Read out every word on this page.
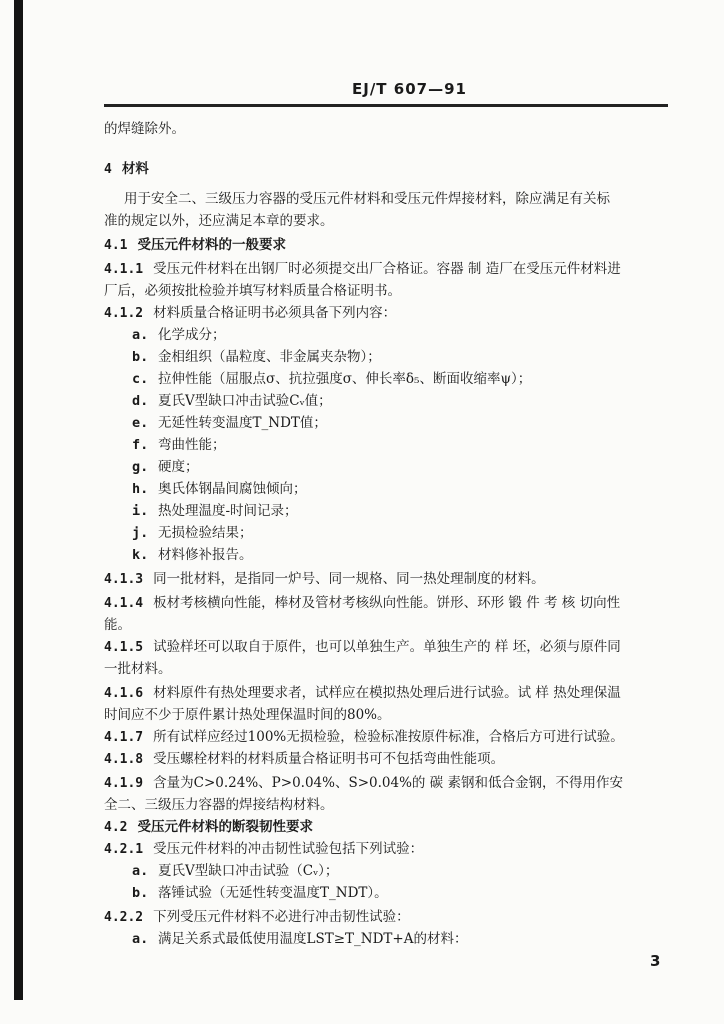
EJ/T 607—91
的焊缝除外。
4 材料
用于安全二、三级压力容器的受压元件材料和受压元件焊接材料，除应满足有关标
准的规定以外，还应满足本章的要求。
4.1 受压元件材料的一般要求
4.1.1 受压元件材料在出钢厂时必须提交出厂合格证。容器 制 造厂在受压元件材料进
厂后，必须按批检验并填写材料质量合格证明书。
4.1.2 材料质量合格证明书必须具备下列内容：
a. 化学成分；
b. 金相组织（晶粒度、非金属夹杂物）；
c. 拉伸性能（屈服点σ、抗拉强度σ、伸长率δ₅、断面收缩率ψ）；
d. 夏氏V型缺口冲击试验Cᵥ值；
e. 无延性转变温度T_NDT值；
f. 弯曲性能；
g. 硬度；
h. 奥氏体钢晶间腐蚀倾向；
i. 热处理温度-时间记录；
j. 无损检验结果；
k. 材料修补报告。
4.1.3 同一批材料，是指同一炉号、同一规格、同一热处理制度的材料。
4.1.4 板材考核横向性能，棒材及管材考核纵向性能。饼形、环形 锻 件 考 核 切向性
能。
4.1.5 试验样坯可以取自于原件，也可以单独生产。单独生产的 样 坯，必须与原件同
一批材料。
4.1.6 材料原件有热处理要求者，试样应在模拟热处理后进行试验。试 样 热处理保温
时间应不少于原件累计热处理保温时间的80%。
4.1.7 所有试样应经过100%无损检验，检验标准按原件标准，合格后方可进行试验。
4.1.8 受压螺栓材料的材料质量合格证明书可不包括弯曲性能项。
4.1.9 含量为C>0.24%、P>0.04%、S>0.04%的 碳 素钢和低合金钢，不得用作安
全二、三级压力容器的焊接结构材料。
4.2 受压元件材料的断裂韧性要求
4.2.1 受压元件材料的冲击韧性试验包括下列试验：
a. 夏氏V型缺口冲击试验（Cᵥ）；
b. 落锤试验（无延性转变温度T_NDT）。
4.2.2 下列受压元件材料不必进行冲击韧性试验：
a. 满足关系式最低使用温度LST≥T_NDT+A的材料：
3
